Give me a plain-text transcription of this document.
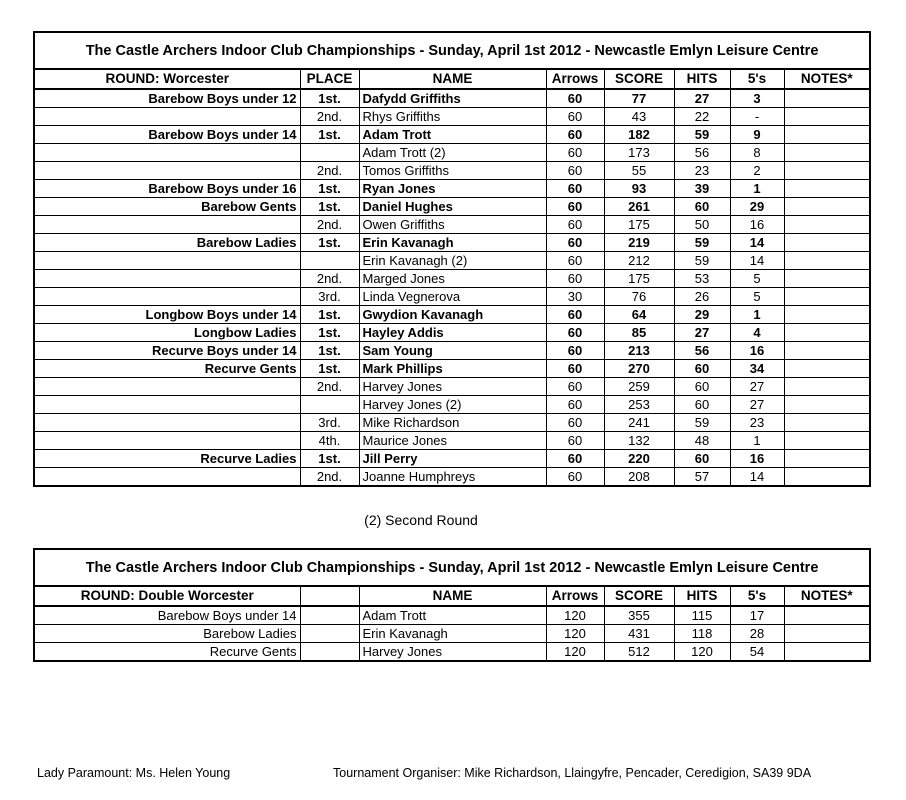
The Castle Archers Indoor Club Championships - Sunday, April 1st 2012 - Newcastle Emlyn Leisure Centre							
ROUND: Worcester	PLACE	NAME	Arrows	SCORE	HITS	5's	NOTES*
Barebow Boys under 12	1st.	Dafydd Griffiths	60	77	27	3	
	2nd.	Rhys Griffiths	60	43	22	-	
Barebow Boys under 14	1st.	Adam Trott	60	182	59	9	
		Adam Trott (2)	60	173	56	8	
	2nd.	Tomos Griffiths	60	55	23	2	
Barebow Boys under 16	1st.	Ryan Jones	60	93	39	1	
Barebow Gents	1st.	Daniel Hughes	60	261	60	29	
	2nd.	Owen Griffiths	60	175	50	16	
Barebow Ladies	1st.	Erin Kavanagh	60	219	59	14	
		Erin Kavanagh (2)	60	212	59	14	
	2nd.	Marged Jones	60	175	53	5	
	3rd.	Linda Vegnerova	30	76	26	5	
Longbow Boys under 14	1st.	Gwydion Kavanagh	60	64	29	1	
Longbow Ladies	1st.	Hayley Addis	60	85	27	4	
Recurve Boys under 14	1st.	Sam Young	60	213	56	16	
Recurve Gents	1st.	Mark Phillips	60	270	60	34	
	2nd.	Harvey Jones	60	259	60	27	
		Harvey Jones (2)	60	253	60	27	
	3rd.	Mike Richardson	60	241	59	23	
	4th.	Maurice Jones	60	132	48	1	
Recurve Ladies	1st.	Jill Perry	60	220	60	16	
	2nd.	Joanne Humphreys	60	208	57	14	
(2) Second Round
The Castle Archers Indoor Club Championships - Sunday, April 1st 2012 - Newcastle Emlyn Leisure Centre							
ROUND: Double Worcester		NAME	Arrows	SCORE	HITS	5's	NOTES*
Barebow Boys under 14		Adam Trott	120	355	115	17	
Barebow Ladies		Erin Kavanagh	120	431	118	28	
Recurve Gents		Harvey Jones	120	512	120	54	
Lady Paramount: Ms. Helen Young	Tournament Organiser: Mike Richardson, Llaingyfre, Pencader, Ceredigion, SA39 9DA
